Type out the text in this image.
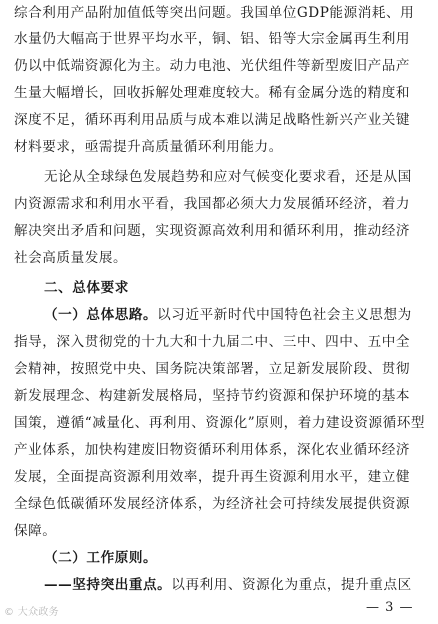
综合利用产品附加值低等突出问题。我国单位GDP能源消耗、用
水量仍大幅高于世界平均水平，铜、铝、铅等大宗金属再生利用
仍以中低端资源化为主。动力电池、光伏组件等新型废旧产品产
生量大幅增长，回收拆解处理难度较大。稀有金属分选的精度和
深度不足，循环再利用品质与成本难以满足战略性新兴产业关键
材料要求，亟需提升高质量循环利用能力。
无论从全球绿色发展趋势和应对气候变化要求看，还是从国
内资源需求和利用水平看，我国都必须大力发展循环经济，着力
解决突出矛盾和问题，实现资源高效利用和循环利用，推动经济
社会高质量发展。
二、总体要求
（一）总体思路。以习近平新时代中国特色社会主义思想为
指导，深入贯彻党的十九大和十九届二中、三中、四中、五中全
会精神，按照党中央、国务院决策部署，立足新发展阶段、贯彻
新发展理念、构建新发展格局，坚持节约资源和保护环境的基本
国策，遵循“减量化、再利用、资源化”原则，着力建设资源循环型
产业体系，加快构建废旧物资循环利用体系，深化农业循环经济
发展，全面提高资源利用效率，提升再生资源利用水平，建立健
全绿色低碳循环发展经济体系，为经济社会可持续发展提供资源
保障。
（二）工作原则。
——坚持突出重点。以再利用、资源化为重点，提升重点区
© 大众政务	— 3 —
